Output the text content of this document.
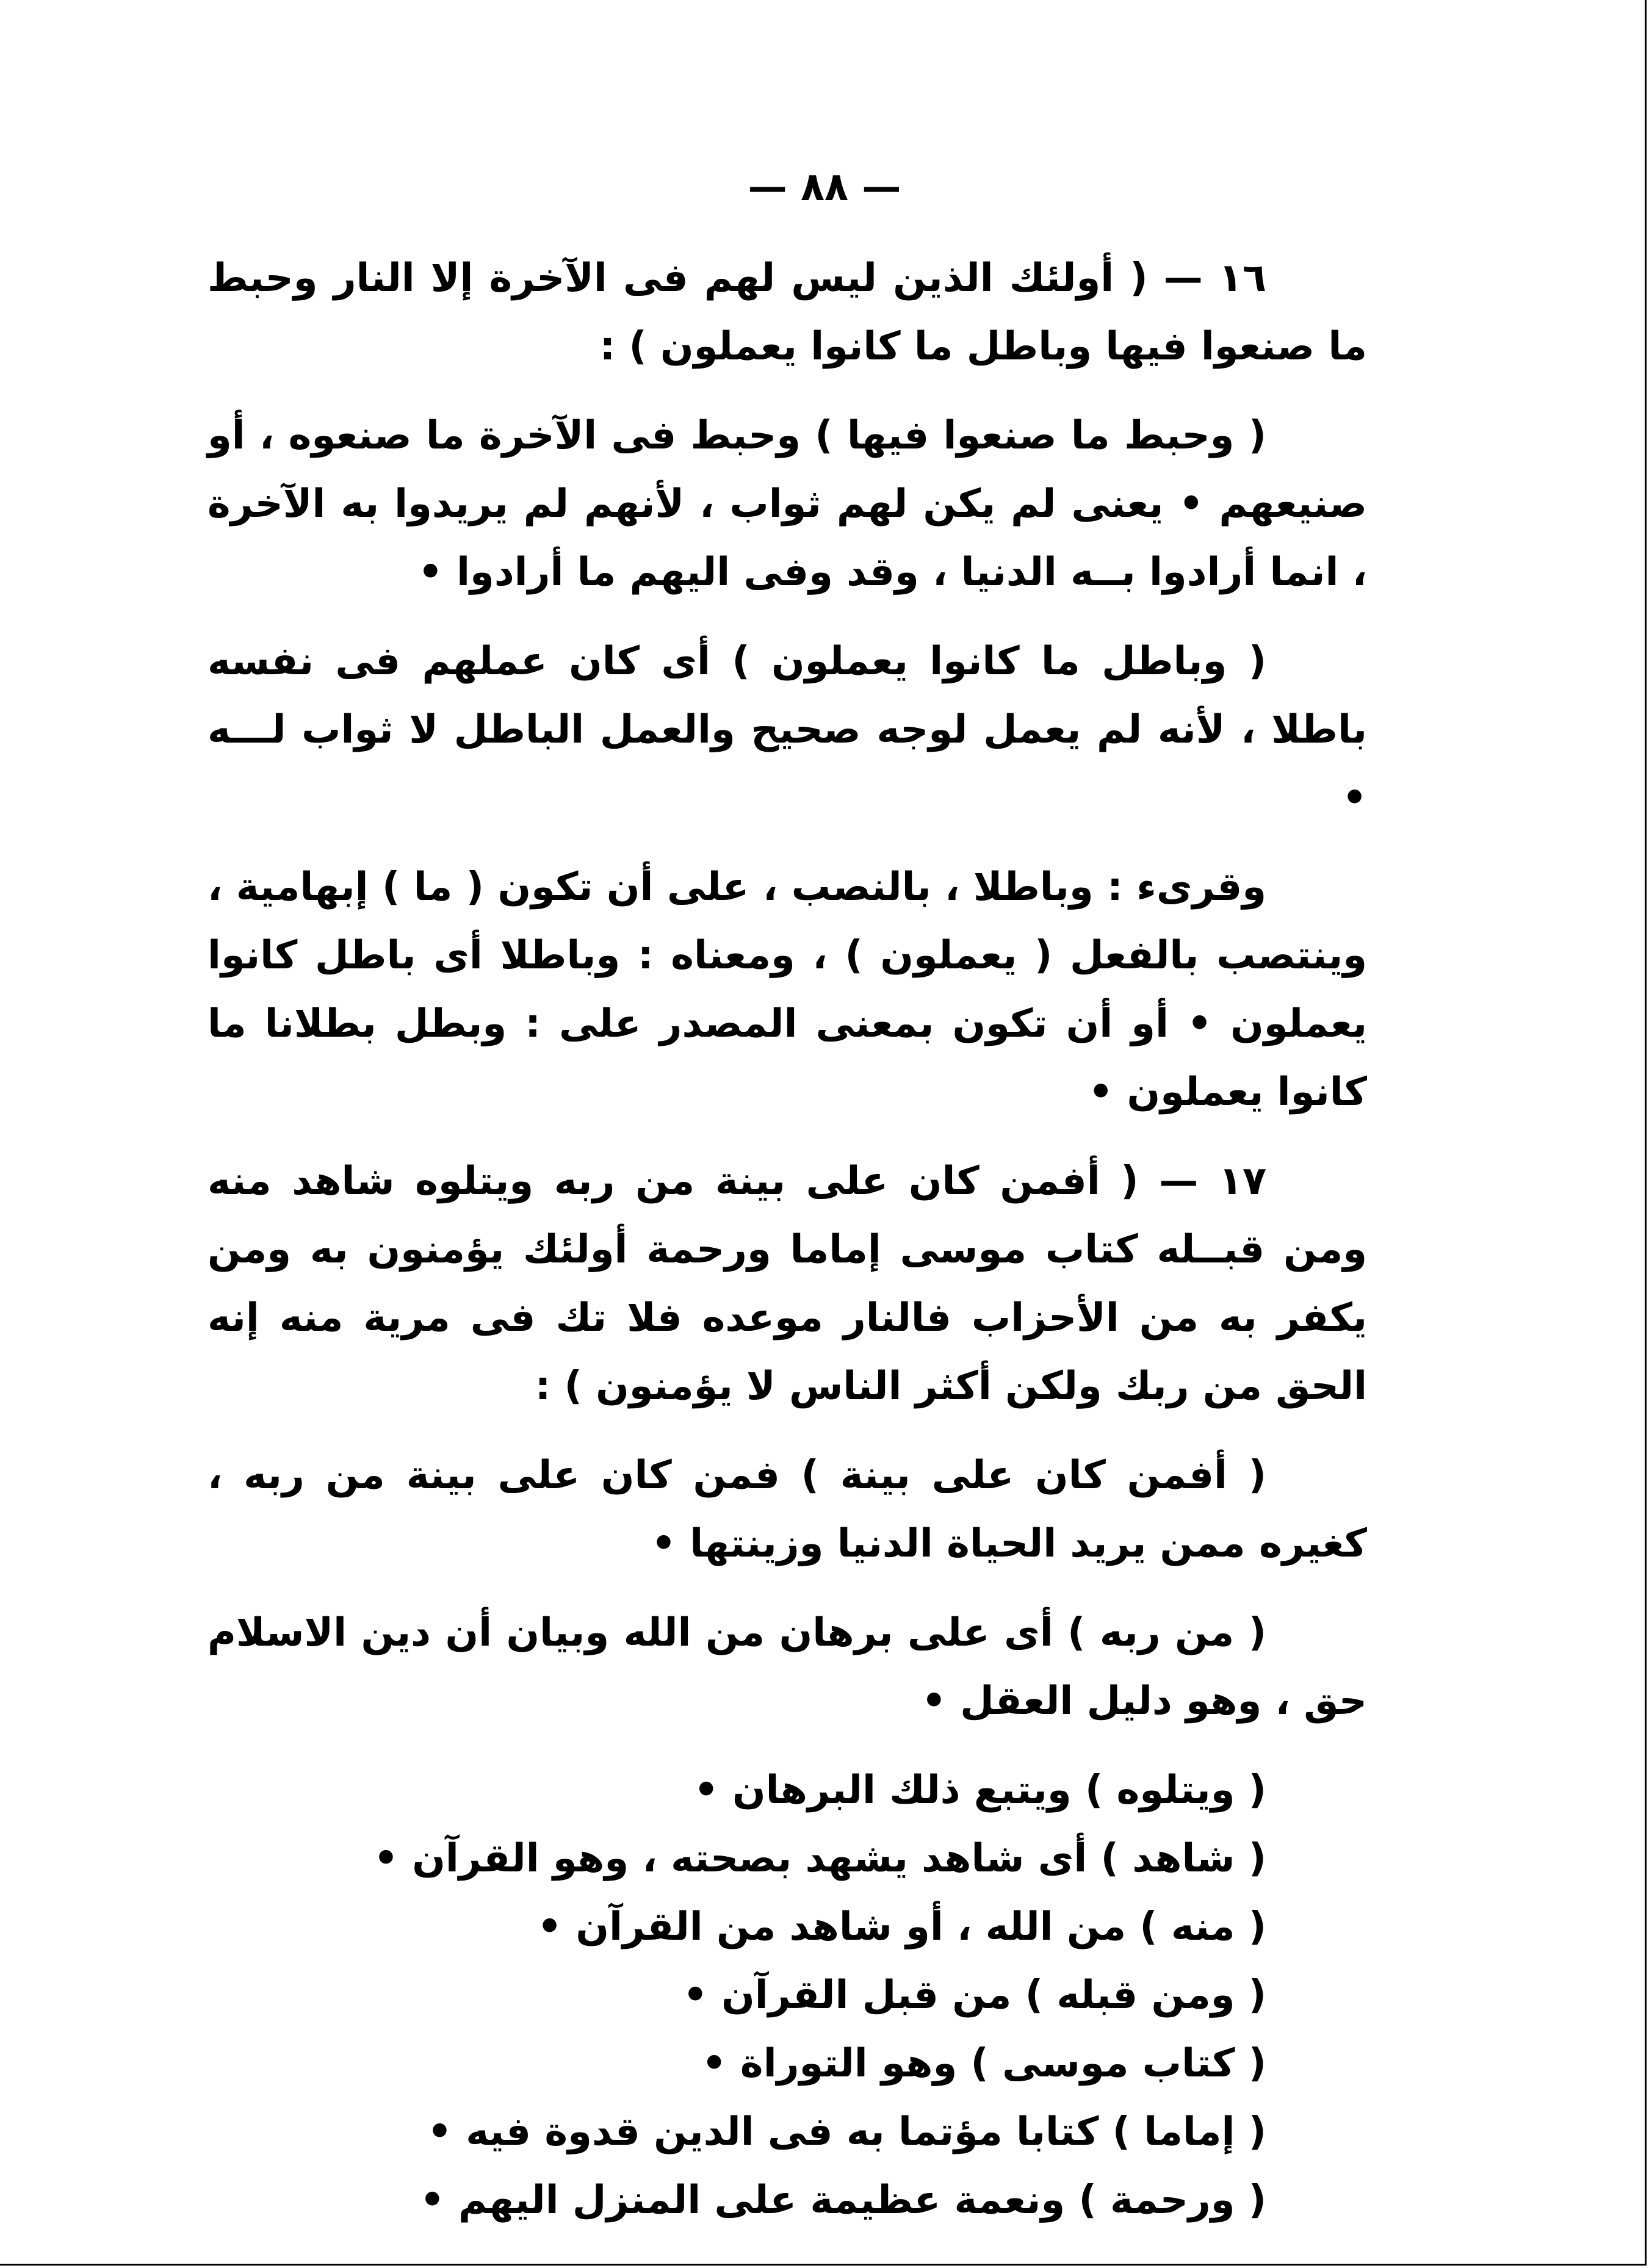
— ٨٨ —

١٦ — ( أولئك الذين ليس لهم فى الآخرة إلا النار وحبط ما صنعوا فيها وباطل ما كانوا يعملون ) :

( وحبط ما صنعوا فيها ) وحبط فى الآخرة ما صنعوه ، أو صنيعهم • يعنى لم يكن لهم ثواب ، لأنهم لم يريدوا به الآخرة ، انما أرادوا بــه الدنيا ، وقد وفى اليهم ما أرادوا •

( وباطل ما كانوا يعملون ) أى كان عملهم فى نفسه باطلا ، لأنه لم يعمل لوجه صحيح والعمل الباطل لا ثواب لـــه •

وقرىء : وباطلا ، بالنصب ، على أن تكون ( ما ) إبهامية ، وينتصب بالفعل ( يعملون ) ، ومعناه : وباطلا أى باطل كانوا يعملون • أو أن تكون بمعنى المصدر على : وبطل بطلانا ما كانوا يعملون •

١٧ — ( أفمن كان على بينة من ربه ويتلوه شاهد منه ومن قبــله كتاب موسى إماما ورحمة أولئك يؤمنون به ومن يكفر به من الأحزاب فالنار موعده فلا تك فى مرية منه إنه الحق من ربك ولكن أكثر الناس لا يؤمنون ) :

( أفمن كان على بينة ) فمن كان على بينة من ربه ، كغيره ممن يريد الحياة الدنيا وزينتها •

( من ربه ) أى على برهان من الله وبيان أن دين الاسلام حق ، وهو دليل العقل •

( ويتلوه ) ويتبع ذلك البرهان •
( شاهد ) أى شاهد يشهد بصحته ، وهو القرآن •
( منه ) من الله ، أو شاهد من القرآن •
( ومن قبله ) من قبل القرآن •
( كتاب موسى ) وهو التوراة •
( إماما ) كتابا مؤتما به فى الدين قدوة فيه •
( ورحمة ) ونعمة عظيمة على المنزل اليهم •
